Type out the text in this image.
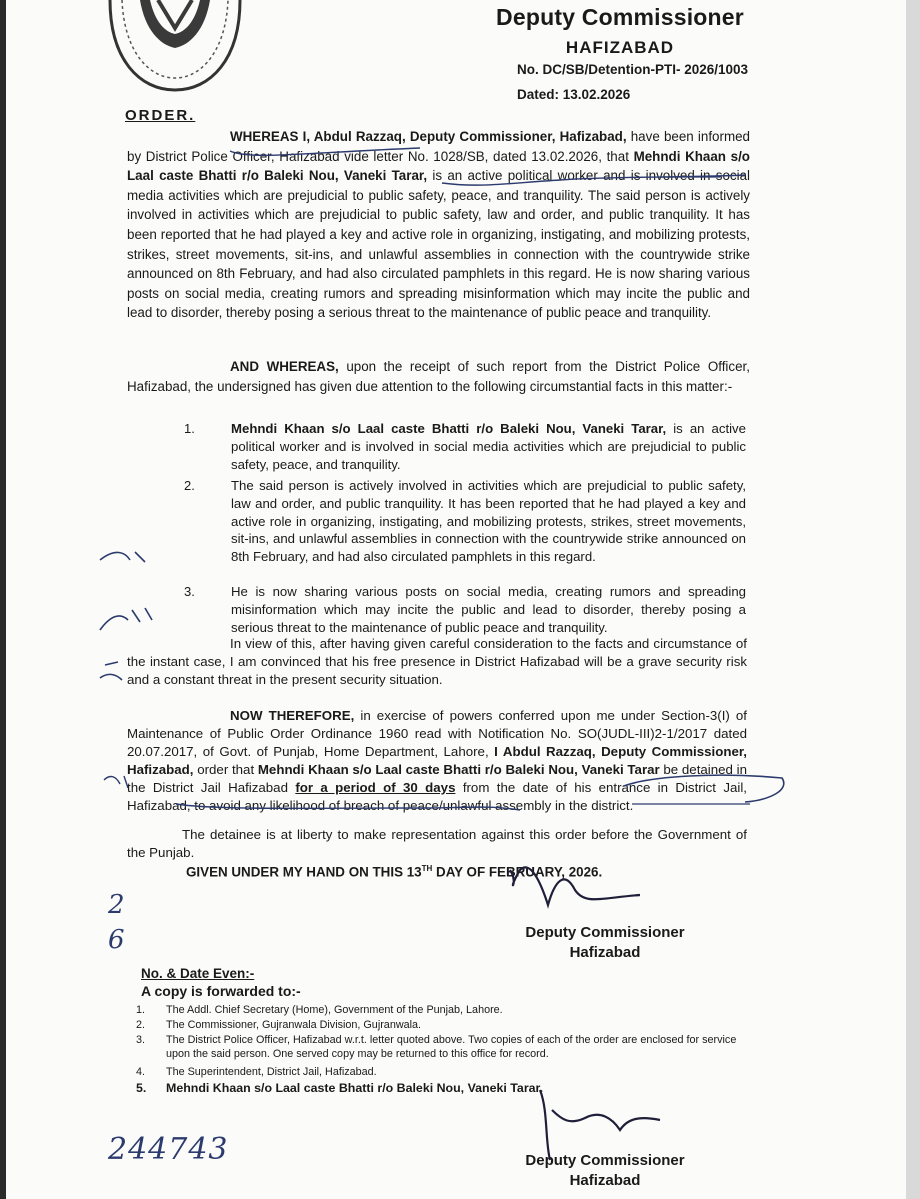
Deputy Commissioner
HAFIZABAD
No. DC/SB/Detention-PTI- 2026/1003
Dated: 13.02.2026
ORDER.
WHEREAS I, Abdul Razzaq, Deputy Commissioner, Hafizabad, have been informed by District Police Officer, Hafizabad vide letter No. 1028/SB, dated 13.02.2026, that Mehndi Khaan s/o Laal caste Bhatti r/o Baleki Nou, Vaneki Tarar, is an active political worker and is involved in social media activities which are prejudicial to public safety, peace, and tranquility. The said person is actively involved in activities which are prejudicial to public safety, law and order, and public tranquility. It has been reported that he had played a key and active role in organizing, instigating, and mobilizing protests, strikes, street movements, sit-ins, and unlawful assemblies in connection with the countrywide strike announced on 8th February, and had also circulated pamphlets in this regard. He is now sharing various posts on social media, creating rumors and spreading misinformation which may incite the public and lead to disorder, thereby posing a serious threat to the maintenance of public peace and tranquility.
AND WHEREAS, upon the receipt of such report from the District Police Officer, Hafizabad, the undersigned has given due attention to the following circumstantial facts in this matter:-
1.	Mehndi Khaan s/o Laal caste Bhatti r/o Baleki Nou, Vaneki Tarar, is an active political worker and is involved in social media activities which are prejudicial to public safety, peace, and tranquility.
2.	The said person is actively involved in activities which are prejudicial to public safety, law and order, and public tranquility. It has been reported that he had played a key and active role in organizing, instigating, and mobilizing protests, strikes, street movements, sit-ins, and unlawful assemblies in connection with the countrywide strike announced on 8th February, and had also circulated pamphlets in this regard.
3.	He is now sharing various posts on social media, creating rumors and spreading misinformation which may incite the public and lead to disorder, thereby posing a serious threat to the maintenance of public peace and tranquility.
In view of this, after having given careful consideration to the facts and circumstance of the instant case, I am convinced that his free presence in District Hafizabad will be a grave security risk and a constant threat in the present security situation.
NOW THEREFORE, in exercise of powers conferred upon me under Section-3(I) of Maintenance of Public Order Ordinance 1960 read with Notification No. SO(JUDL-III)2-1/2017 dated 20.07.2017, of Govt. of Punjab, Home Department, Lahore, I Abdul Razzaq, Deputy Commissioner, Hafizabad, order that Mehndi Khaan s/o Laal caste Bhatti r/o Baleki Nou, Vaneki Tarar be detained in the District Jail Hafizabad for a period of 30 days from the date of his entrance in District Jail, Hafizabad, to avoid any likelihood of breach of peace/unlawful assembly in the district.
The detainee is at liberty to make representation against this order before the Government of the Punjab.
GIVEN UNDER MY HAND ON THIS 13TH DAY OF FEBRUARY, 2026.
Deputy Commissioner
Hafizabad
No. & Date Even:-
A copy is forwarded to:-
1. The Addl. Chief Secretary (Home), Government of the Punjab, Lahore.
2. The Commissioner, Gujranwala Division, Gujranwala.
3. The District Police Officer, Hafizabad w.r.t. letter quoted above. Two copies of each of the order are enclosed for service upon the said person. One served copy may be returned to this office for record.
4. The Superintendent, District Jail, Hafizabad.
5. Mehndi Khaan s/o Laal caste Bhatti r/o Baleki Nou, Vaneki Tarar.
Deputy Commissioner
Hafizabad
2
6
244743
